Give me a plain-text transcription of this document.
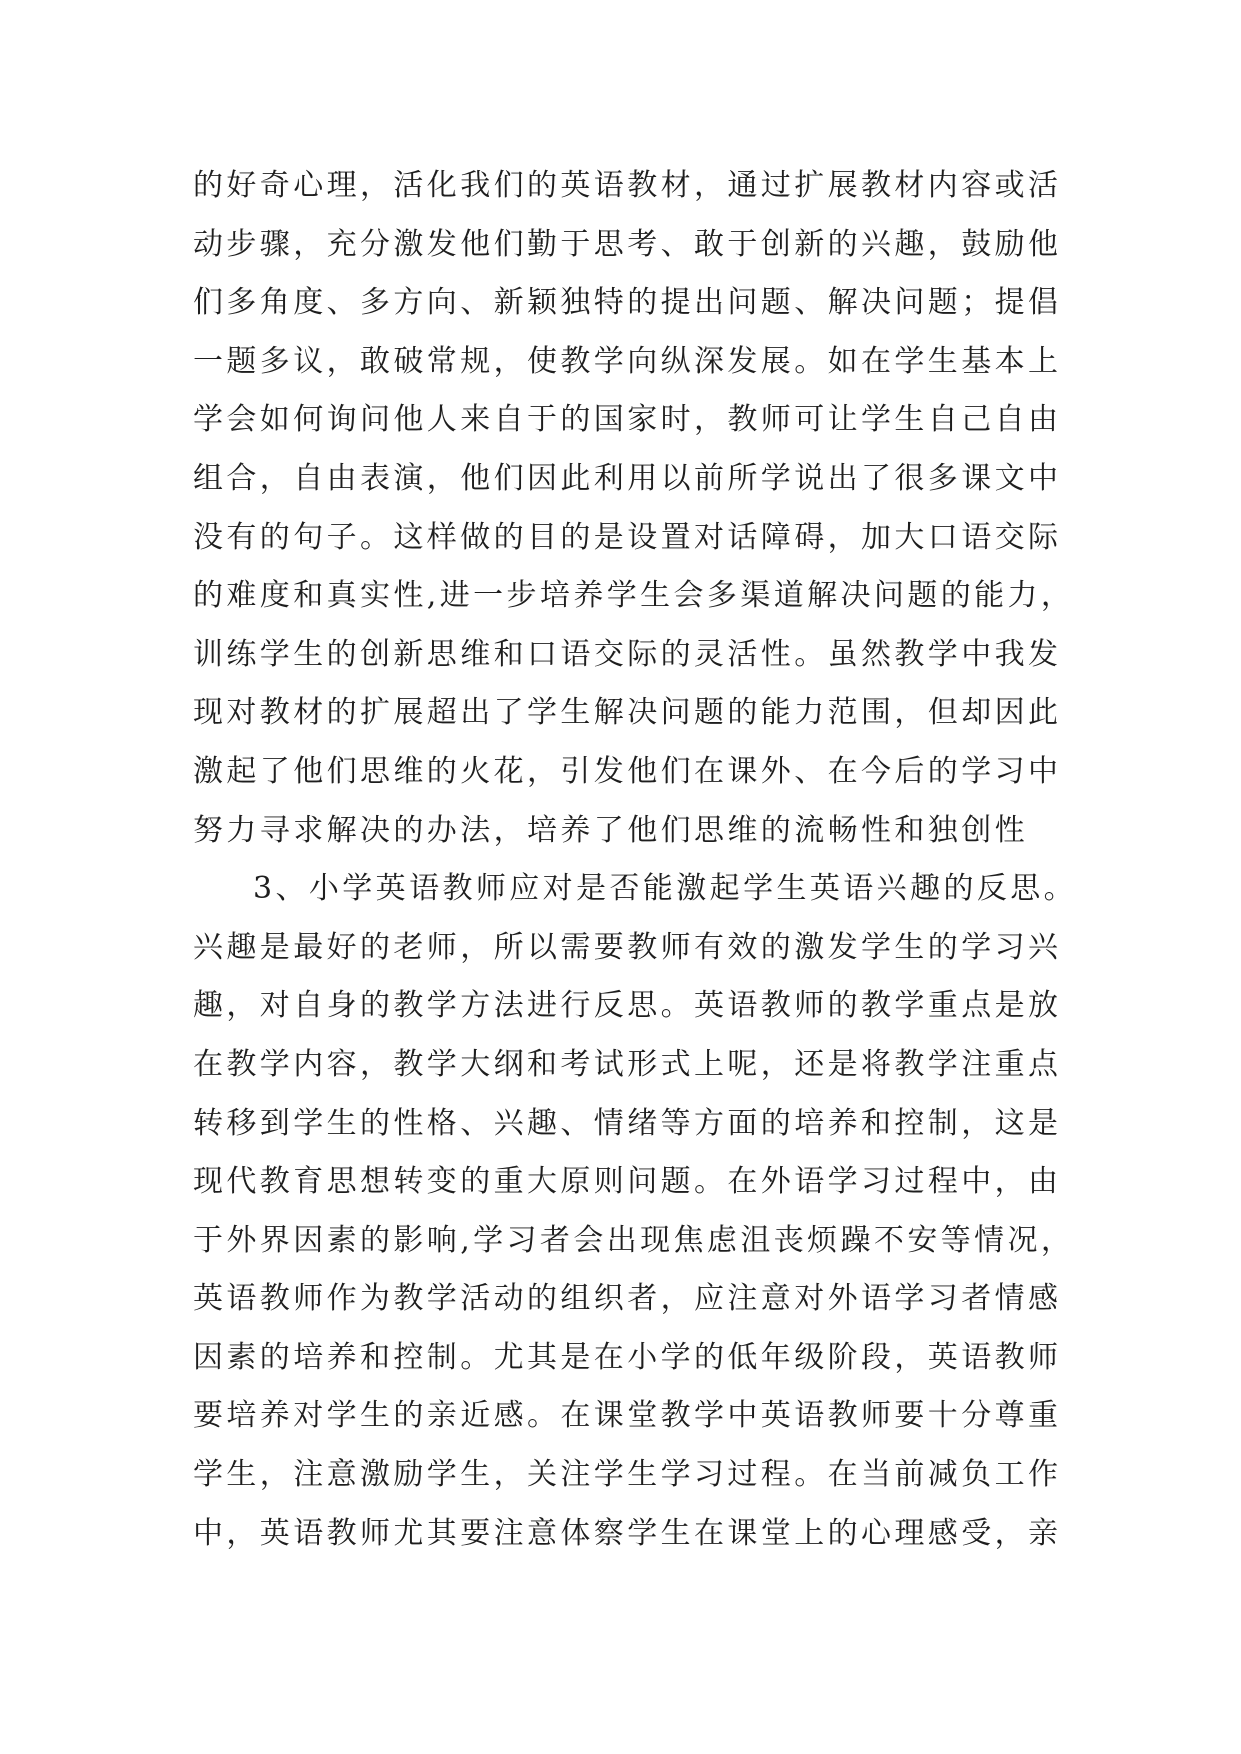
的好奇心理，活化我们的英语教材，通过扩展教材内容或活
动步骤，充分激发他们勤于思考、敢于创新的兴趣，鼓励他
们多角度、多方向、新颖独特的提出问题、解决问题；提倡
一题多议，敢破常规，使教学向纵深发展。如在学生基本上
学会如何询问他人来自于的国家时，教师可让学生自己自由
组合，自由表演，他们因此利用以前所学说出了很多课文中
没有的句子。这样做的目的是设置对话障碍，加大口语交际
的难度和真实性,进一步培养学生会多渠道解决问题的能力，
训练学生的创新思维和口语交际的灵活性。虽然教学中我发
现对教材的扩展超出了学生解决问题的能力范围，但却因此
激起了他们思维的火花，引发他们在课外、在今后的学习中
努力寻求解决的办法，培养了他们思维的流畅性和独创性
3、小学英语教师应对是否能激起学生英语兴趣的反思。
兴趣是最好的老师，所以需要教师有效的激发学生的学习兴
趣，对自身的教学方法进行反思。英语教师的教学重点是放
在教学内容，教学大纲和考试形式上呢，还是将教学注重点
转移到学生的性格、兴趣、情绪等方面的培养和控制，这是
现代教育思想转变的重大原则问题。在外语学习过程中，由
于外界因素的影响,学习者会出现焦虑沮丧烦躁不安等情况，
英语教师作为教学活动的组织者，应注意对外语学习者情感
因素的培养和控制。尤其是在小学的低年级阶段，英语教师
要培养对学生的亲近感。在课堂教学中英语教师要十分尊重
学生，注意激励学生，关注学生学习过程。在当前减负工作
中，英语教师尤其要注意体察学生在课堂上的心理感受，亲
